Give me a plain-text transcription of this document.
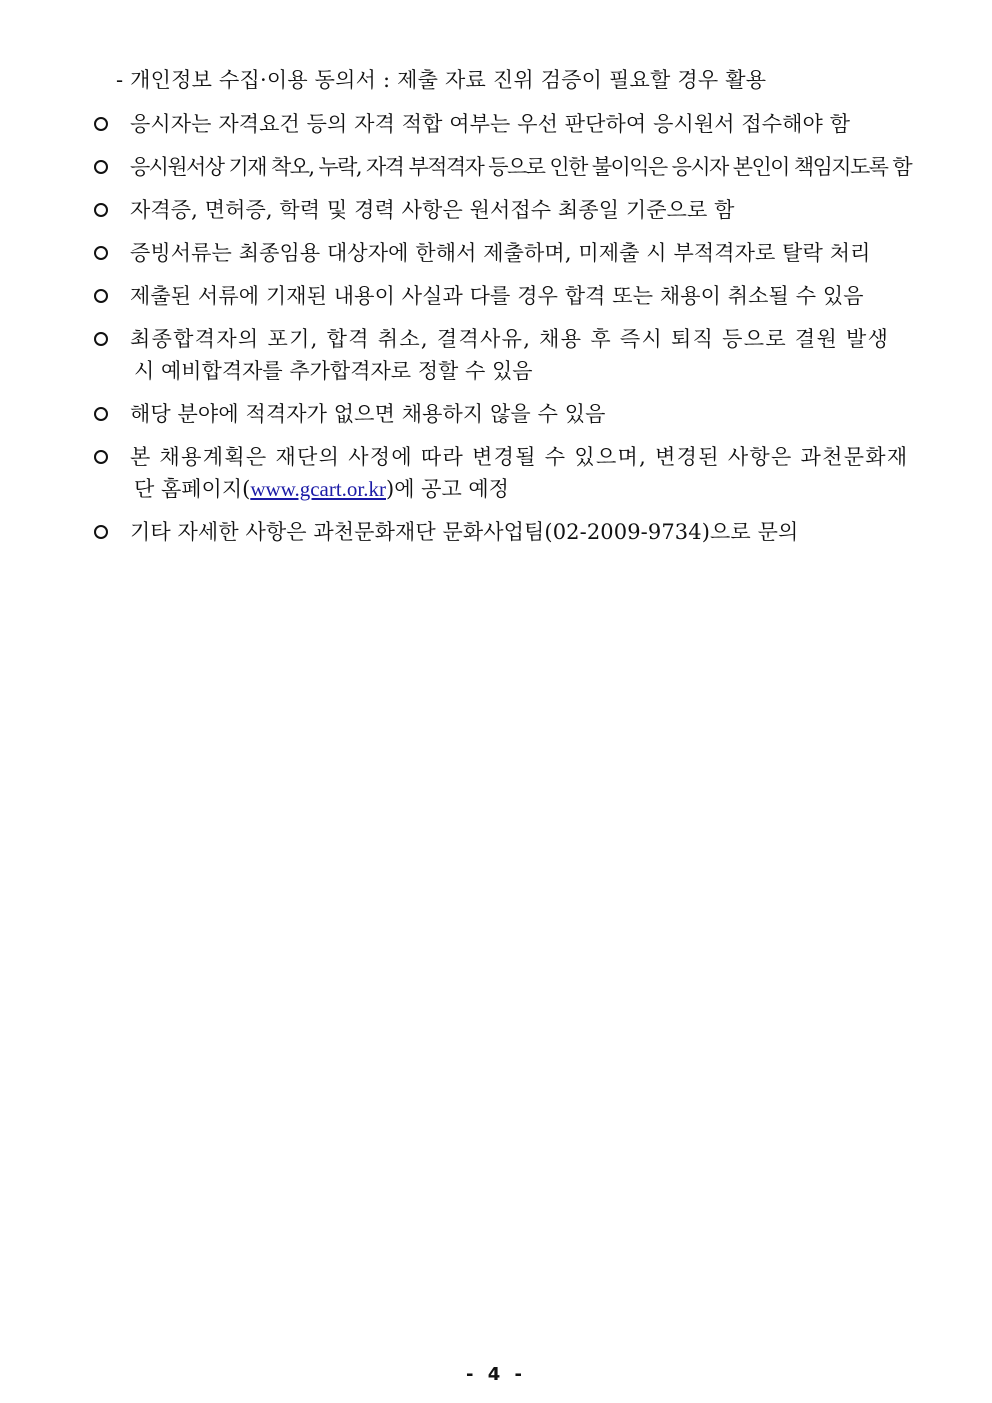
- 개인정보 수집·이용 동의서 : 제출 자료 진위 검증이 필요할 경우 활용
응시자는 자격요건 등의 자격 적합 여부는 우선 판단하여 응시원서 접수해야 함
응시원서상 기재 착오, 누락, 자격 부적격자 등으로 인한 불이익은 응시자 본인이 책임지도록 함
자격증, 면허증, 학력 및 경력 사항은 원서접수 최종일 기준으로 함
증빙서류는 최종임용 대상자에 한해서 제출하며, 미제출 시 부적격자로 탈락 처리
제출된 서류에 기재된 내용이 사실과 다를 경우 합격 또는 채용이 취소될 수 있음
최종합격자의 포기, 합격 취소, 결격사유, 채용 후 즉시 퇴직 등으로 결원 발생
시 예비합격자를 추가합격자로 정할 수 있음
해당 분야에 적격자가 없으면 채용하지 않을 수 있음
본 채용계획은 재단의 사정에 따라 변경될 수 있으며, 변경된 사항은 과천문화재
단 홈페이지(www.gcart.or.kr)에 공고 예정
기타 자세한 사항은 과천문화재단 문화사업팀(02-2009-9734)으로 문의
- 4 -
